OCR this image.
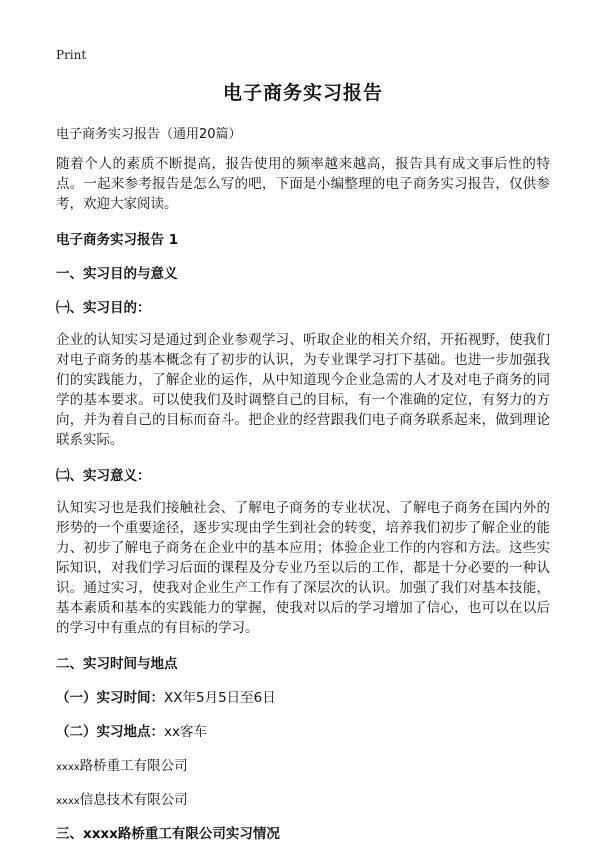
Print
电子商务实习报告
电子商务实习报告（通用20篇）

随着个人的素质不断提高，报告使用的频率越来越高，报告具有成文事后性的特点。一起来参考报告是怎么写的吧，下面是小编整理的电子商务实习报告，仅供参考，欢迎大家阅读。

电子商务实习报告 1
一、实习目的与意义
㈠、实习目的：

企业的认知实习是通过到企业参观学习、听取企业的相关介绍，开拓视野，使我们对电子商务的基本概念有了初步的认识，为专业课学习打下基础。也进一步加强我们的实践能力，了解企业的运作，从中知道现今企业急需的人才及对电子商务的同学的基本要求。可以使我们及时调整自己的目标，有一个准确的定位，有努力的方向，并为着自己的目标而奋斗。把企业的经营跟我们电子商务联系起来，做到理论联系实际。

㈡、实习意义：

认知实习也是我们接触社会、了解电子商务的专业状况、了解电子商务在国内外的形势的一个重要途径，逐步实现由学生到社会的转变，培养我们初步了解企业的能力、初步了解电子商务在企业中的基本应用；体验企业工作的内容和方法。这些实际知识，对我们学习后面的课程及分专业乃至以后的工作，都是十分必要的一种认识。通过实习，使我对企业生产工作有了深层次的认识。加强了我们对基本技能，基本素质和基本的实践能力的掌握，使我对以后的学习增加了信心，也可以在以后的学习中有重点的有目标的学习。

二、实习时间与地点
（一）实习时间：XX年5月5日至6日
（二）实习地点：xx客车
xxxx路桥重工有限公司
xxxx信息技术有限公司
三、xxxx路桥重工有限公司实习情况
